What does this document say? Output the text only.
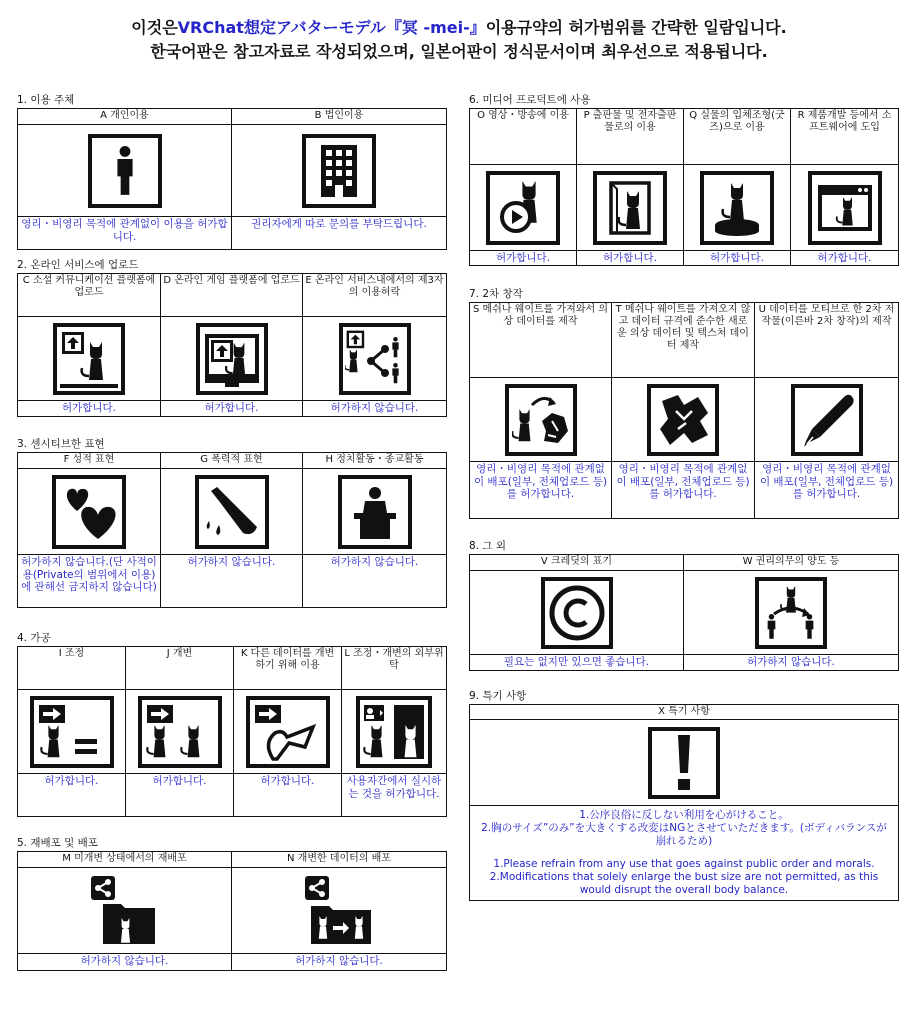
이것은VRChat想定アバターモデル『冥 -mei-』이용규약의 허가범위를 간략한 일람입니다.
한국어판은 참고자료로 작성되었으며, 일본어판이 정식문서이며 최우선으로 적용됩니다.
1. 이용 주체
A 개인이용
영리・비영리 목적에 관계없이 이용을 허가합니다.
B 법인이용
권리자에게 따로 문의를 부탁드립니다.
2. 온라인 서비스에 업로드
C 소셜 커뮤니케이션 플랫폼에 업로드
허가합니다.
D 온라인 게임 플랫폼에 업로드
허가합니다.
E 온라인 서비스내에서의 제3자의 이용허락
허가하지 않습니다.
3. 센시티브한 표현
F 성적 표현
허가하지 않습니다.(단 사적이용(Private의 범위에서 이용)에 관해선 금지하지 않습니다)
G 폭력적 표현
허가하지 않습니다.
H 정치활동・종교활동
허가하지 않습니다.
4. 가공
I 조정
허가합니다.
J 개변
허가합니다.
K 다른 데이터를 개변하기 위해 이용
허가합니다.
L 조정・개변의 외부위탁
사용자간에서 실시하는 것을 허가합니다.
5. 재배포 및 배포
M 미개변 상태에서의 재배포
허가하지 않습니다.
N 개변한 데이터의 배포
허가하지 않습니다.
6. 미디어 프로덕트에 사용
O 영상・방송에 이용
허가합니다.
P 출판물 및 전자출판물로의 이용
허가합니다.
Q 실물의 입체조형(굿즈)으로 이용
허가합니다.
R 제품개발 등에서 소프트웨어에 도입
허가합니다.
7. 2차 창작
S 메쉬나 웨이트를 가져와서 의상 데이터를 제작
영리・비영리 목적에 관계없이 배포(일부, 전체업로드 등)를 허가합니다.
T 메쉬나 웨이트를 가져오지 않고 데이터 규격에 준수한 새로운 의상 데이터 및 텍스처 데이터 제작
영리・비영리 목적에 관계없이 배포(일부, 전체업로드 등)를 허가합니다.
U 데이터를 모티브로 한 2차 저작물(이른바 2차 창작)의 제작
영리・비영리 목적에 관계없이 배포(일부, 전체업로드 등)를 허가합니다.
8. 그 외
V 크레딧의 표기
필요는 없지만 있으면 좋습니다.
W 권리의무의 양도 등
허가하지 않습니다.
9. 특기 사항
X 특기 사항

1.公序良俗に反しない利用を心がけること。

2.胸のサイズ”のみ”を大きくする改変はNGとさせていただきます。(ボディバランスが崩れるため)

1.Please refrain from any use that goes against public order and morals.

2.Modifications that solely enlarge the bust size are not permitted, as this would disrupt the overall body balance.
